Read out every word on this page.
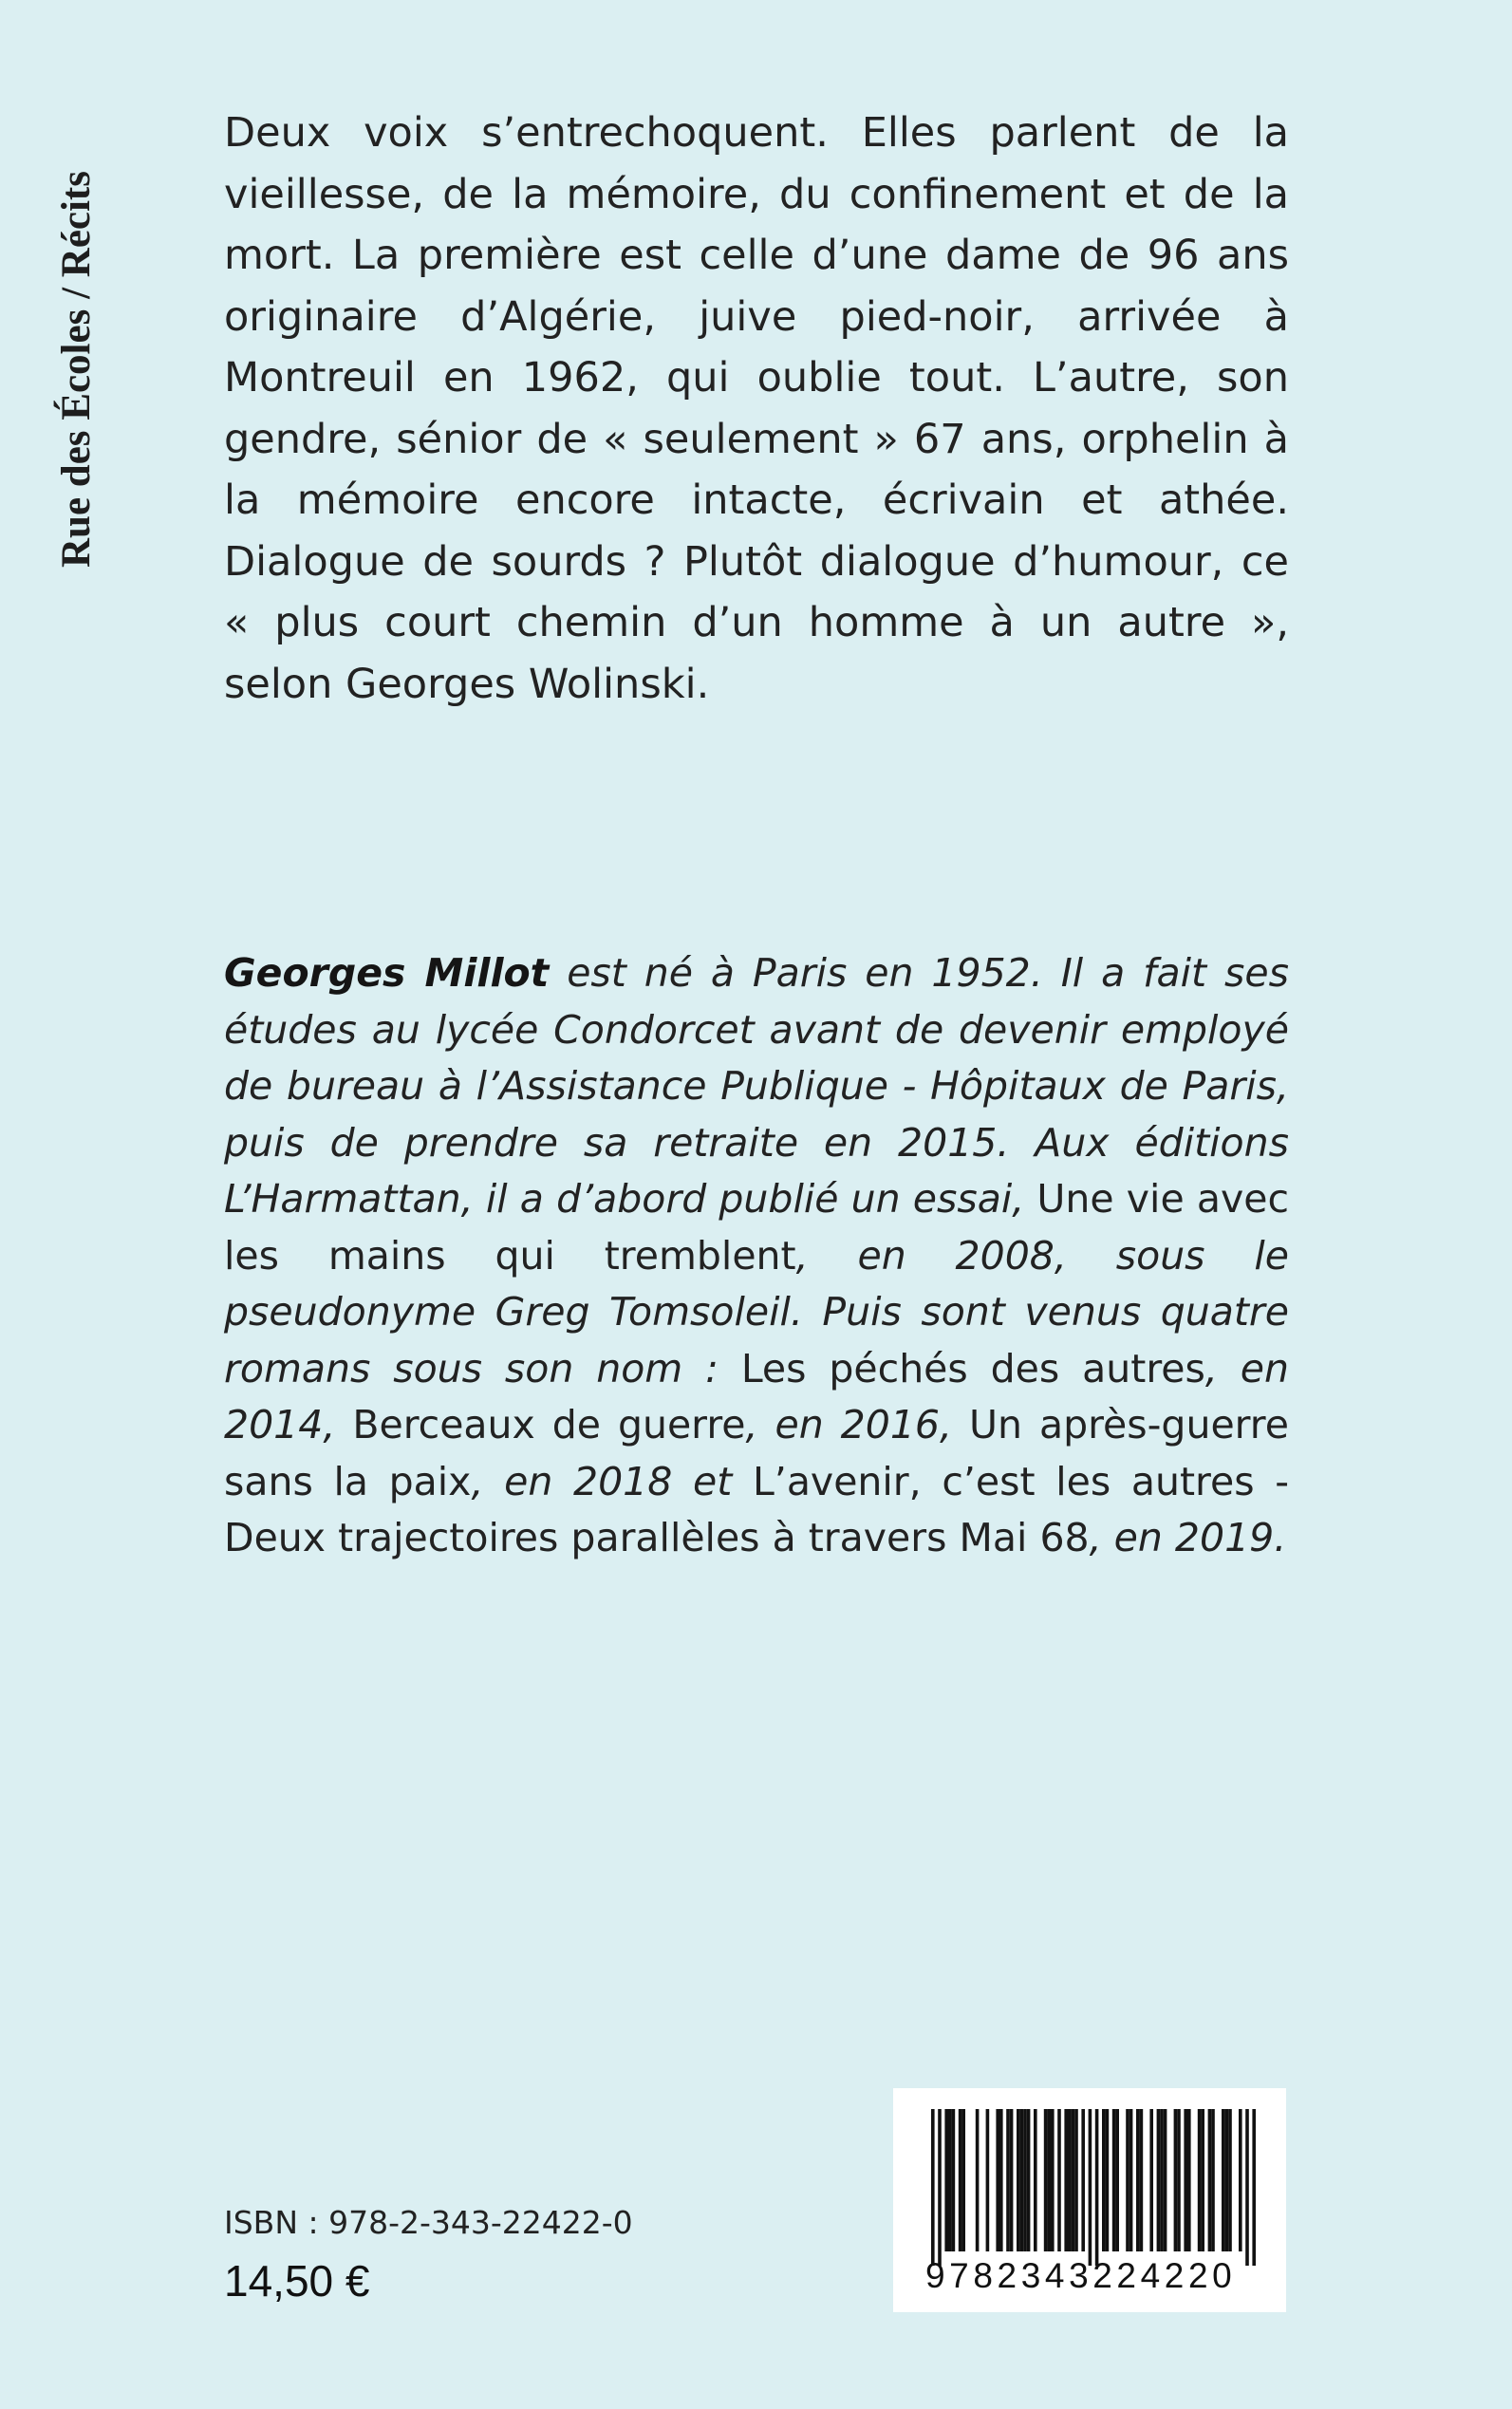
Rue des Écoles / Récits

Deux voix s’entrechoquent. Elles parlent de la vieillesse, de la mémoire, du confinement et de la mort. La première est celle d’une dame de 96 ans originaire d’Algérie, juive pied-noir, arrivée à Montreuil en 1962, qui oublie tout. L’autre, son gendre, sénior de « seulement » 67 ans, orphelin à la mémoire encore intacte, écrivain et athée. Dialogue de sourds ? Plutôt dialogue d’humour, ce « plus court chemin d’un homme à un autre », selon Georges Wolinski.

Georges Millot est né à Paris en 1952. Il a fait ses études au lycée Condorcet avant de devenir employé de bureau à l’Assistance Publique - Hôpitaux de Paris, puis de prendre sa retraite en 2015. Aux éditions L’Harmattan, il a d’abord publié un essai, Une vie avec les mains qui tremblent, en 2008, sous le pseudonyme Greg Tomsoleil. Puis sont venus quatre romans sous son nom : Les péchés des autres, en 2014, Berceaux de guerre, en 2016, Un après-guerre sans la paix, en 2018 et L’avenir, c’est les autres - Deux trajectoires parallèles à travers Mai 68, en 2019.

ISBN : 978-2-343-22422-0
14,50 €	9782343224220
